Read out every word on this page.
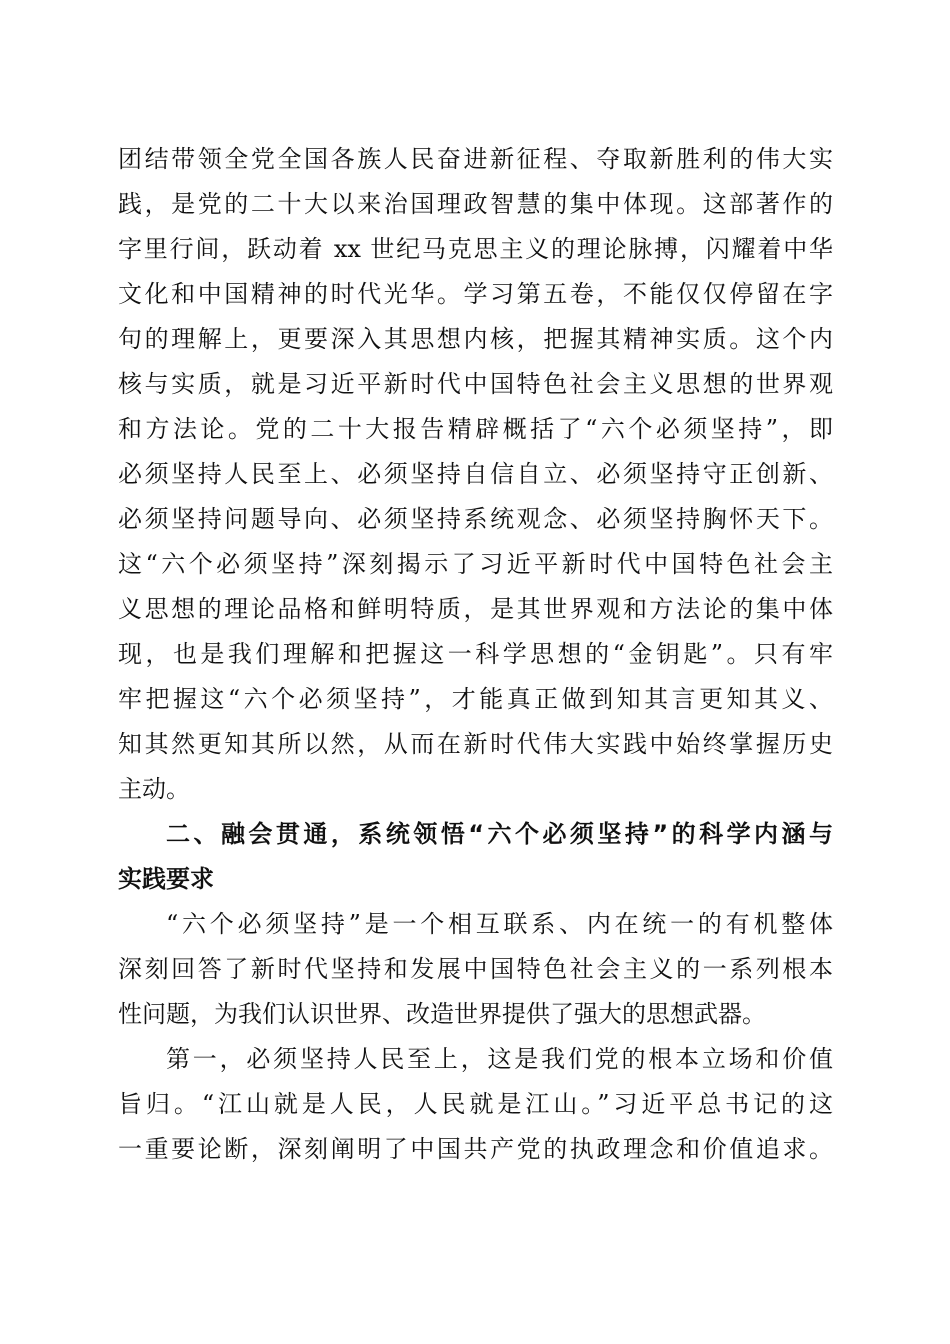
团结带领全党全国各族人民奋进新征程、夺取新胜利的伟大实
践，是党的二十大以来治国理政智慧的集中体现。这部著作的
字里行间，跃动着 xx 世纪马克思主义的理论脉搏，闪耀着中华
文化和中国精神的时代光华。学习第五卷，不能仅仅停留在字
句的理解上，更要深入其思想内核，把握其精神实质。这个内
核与实质，就是习近平新时代中国特色社会主义思想的世界观
和方法论。党的二十大报告精辟概括了“六个必须坚持”，即
必须坚持人民至上、必须坚持自信自立、必须坚持守正创新、
必须坚持问题导向、必须坚持系统观念、必须坚持胸怀天下。
这“六个必须坚持”深刻揭示了习近平新时代中国特色社会主
义思想的理论品格和鲜明特质，是其世界观和方法论的集中体
现，也是我们理解和把握这一科学思想的“金钥匙”。只有牢
牢把握这“六个必须坚持”，才能真正做到知其言更知其义、
知其然更知其所以然，从而在新时代伟大实践中始终掌握历史
主动。
二、融会贯通，系统领悟“六个必须坚持”的科学内涵与
实践要求
“六个必须坚持”是一个相互联系、内在统一的有机整体
深刻回答了新时代坚持和发展中国特色社会主义的一系列根本
性问题，为我们认识世界、改造世界提供了强大的思想武器。
第一，必须坚持人民至上，这是我们党的根本立场和价值
旨归。“江山就是人民，人民就是江山。”习近平总书记的这
一重要论断，深刻阐明了中国共产党的执政理念和价值追求。
